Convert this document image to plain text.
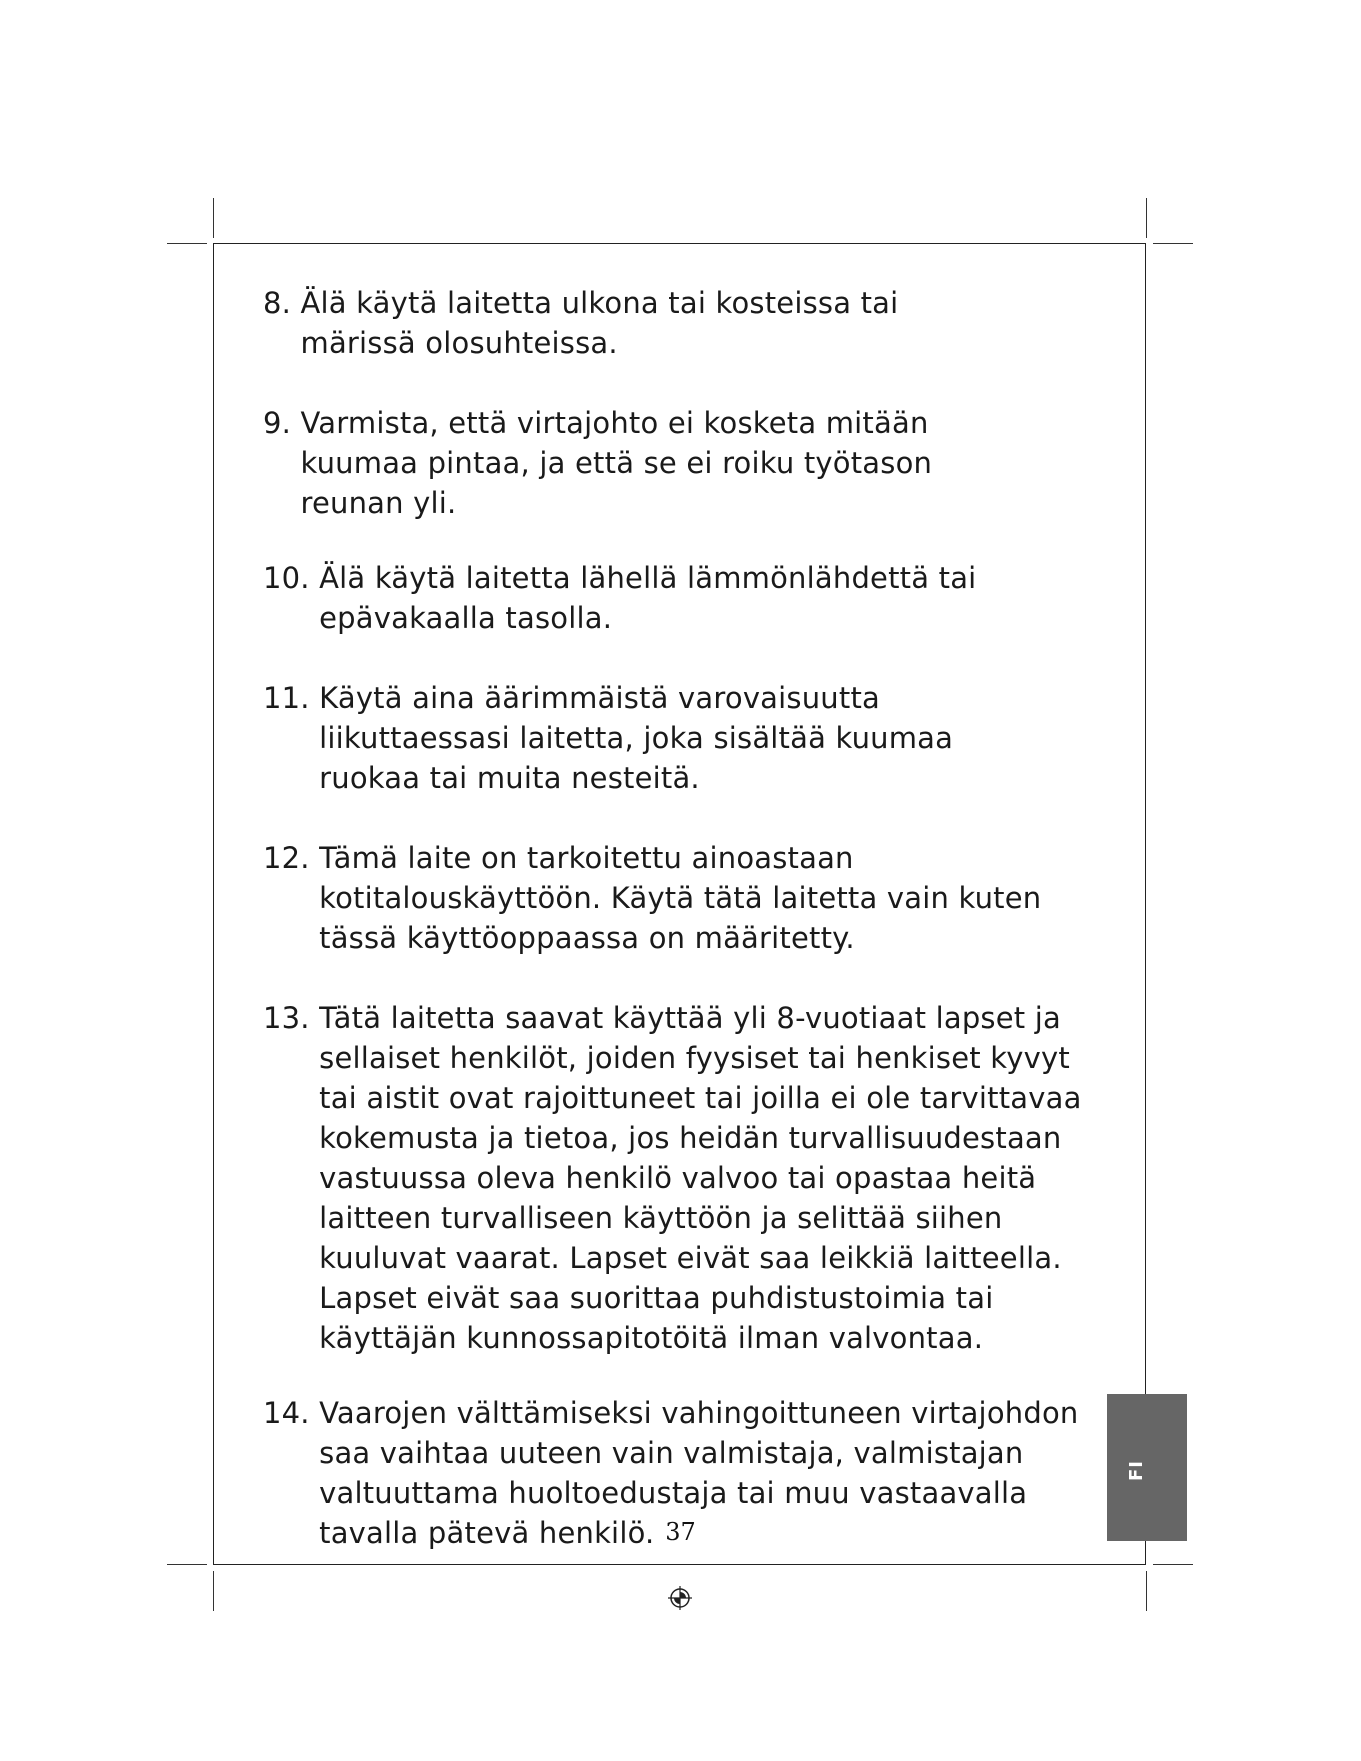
8. Älä käytä laitetta ulkona tai kosteissa tai märissä olosuhteissa.
9. Varmista, että virtajohto ei kosketa mitään kuumaa pintaa, ja että se ei roiku työtason reunan yli.
10. Älä käytä laitetta lähellä lämmönlähdettä tai epävakaalla tasolla.
11. Käytä aina äärimmäistä varovaisuutta liikuttaessasi laitetta, joka sisältää kuumaa ruokaa tai muita nesteitä.
12. Tämä laite on tarkoitettu ainoastaan kotitalouskäyttöön. Käytä tätä laitetta vain kuten tässä käyttöoppaassa on määritetty.
13. Tätä laitetta saavat käyttää yli 8-vuotiaat lapset ja sellaiset henkilöt, joiden fyysiset tai henkiset kyvyt tai aistit ovat rajoittuneet tai joilla ei ole tarvittavaa kokemusta ja tietoa, jos heidän turvallisuudestaan vastuussa oleva henkilö valvoo tai opastaa heitä laitteen turvalliseen käyttöön ja selittää siihen kuuluvat vaarat. Lapset eivät saa leikkiä laitteella. Lapset eivät saa suorittaa puhdistustoimia tai käyttäjän kunnossapitotöitä ilman valvontaa.
14. Vaarojen välttämiseksi vahingoittuneen virtajohdon saa vaihtaa uuteen vain valmistaja, valmistajan valtuuttama huoltoedustaja tai muu vastaavalla tavalla pätevä henkilö. 37
FI
